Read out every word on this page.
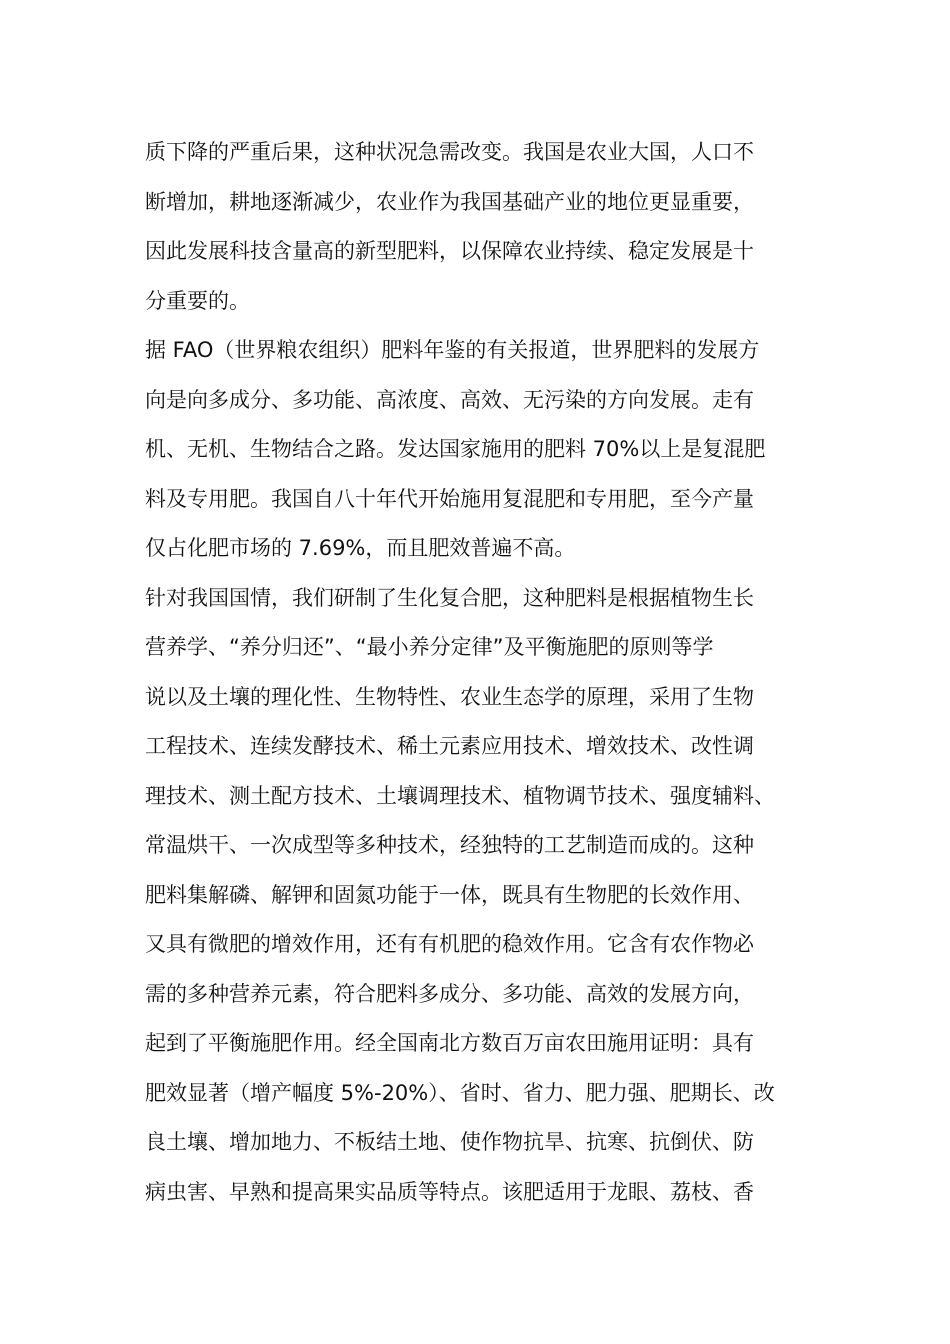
质下降的严重后果，这种状况急需改变。我国是农业大国，人口不
断增加，耕地逐渐减少，农业作为我国基础产业的地位更显重要，
因此发展科技含量高的新型肥料，以保障农业持续、稳定发展是十
分重要的。
据 FAO（世界粮农组织）肥料年鉴的有关报道，世界肥料的发展方
向是向多成分、多功能、高浓度、高效、无污染的方向发展。走有
机、无机、生物结合之路。发达国家施用的肥料 70%以上是复混肥
料及专用肥。我国自八十年代开始施用复混肥和专用肥，至今产量
仅占化肥市场的 7.69%，而且肥效普遍不高。
针对我国国情，我们研制了生化复合肥，这种肥料是根据植物生长
营养学、“养分归还”、“最小养分定律”及平衡施肥的原则等学
说以及土壤的理化性、生物特性、农业生态学的原理，采用了生物
工程技术、连续发酵技术、稀土元素应用技术、增效技术、改性调
理技术、测土配方技术、土壤调理技术、植物调节技术、强度辅料、
常温烘干、一次成型等多种技术，经独特的工艺制造而成的。这种
肥料集解磷、解钾和固氮功能于一体，既具有生物肥的长效作用、
又具有微肥的增效作用，还有有机肥的稳效作用。它含有农作物必
需的多种营养元素，符合肥料多成分、多功能、高效的发展方向，
起到了平衡施肥作用。经全国南北方数百万亩农田施用证明：具有
肥效显著（增产幅度 5%-20%）、省时、省力、肥力强、肥期长、改
良土壤、增加地力、不板结土地、使作物抗旱、抗寒、抗倒伏、防
病虫害、早熟和提高果实品质等特点。该肥适用于龙眼、荔枝、香
